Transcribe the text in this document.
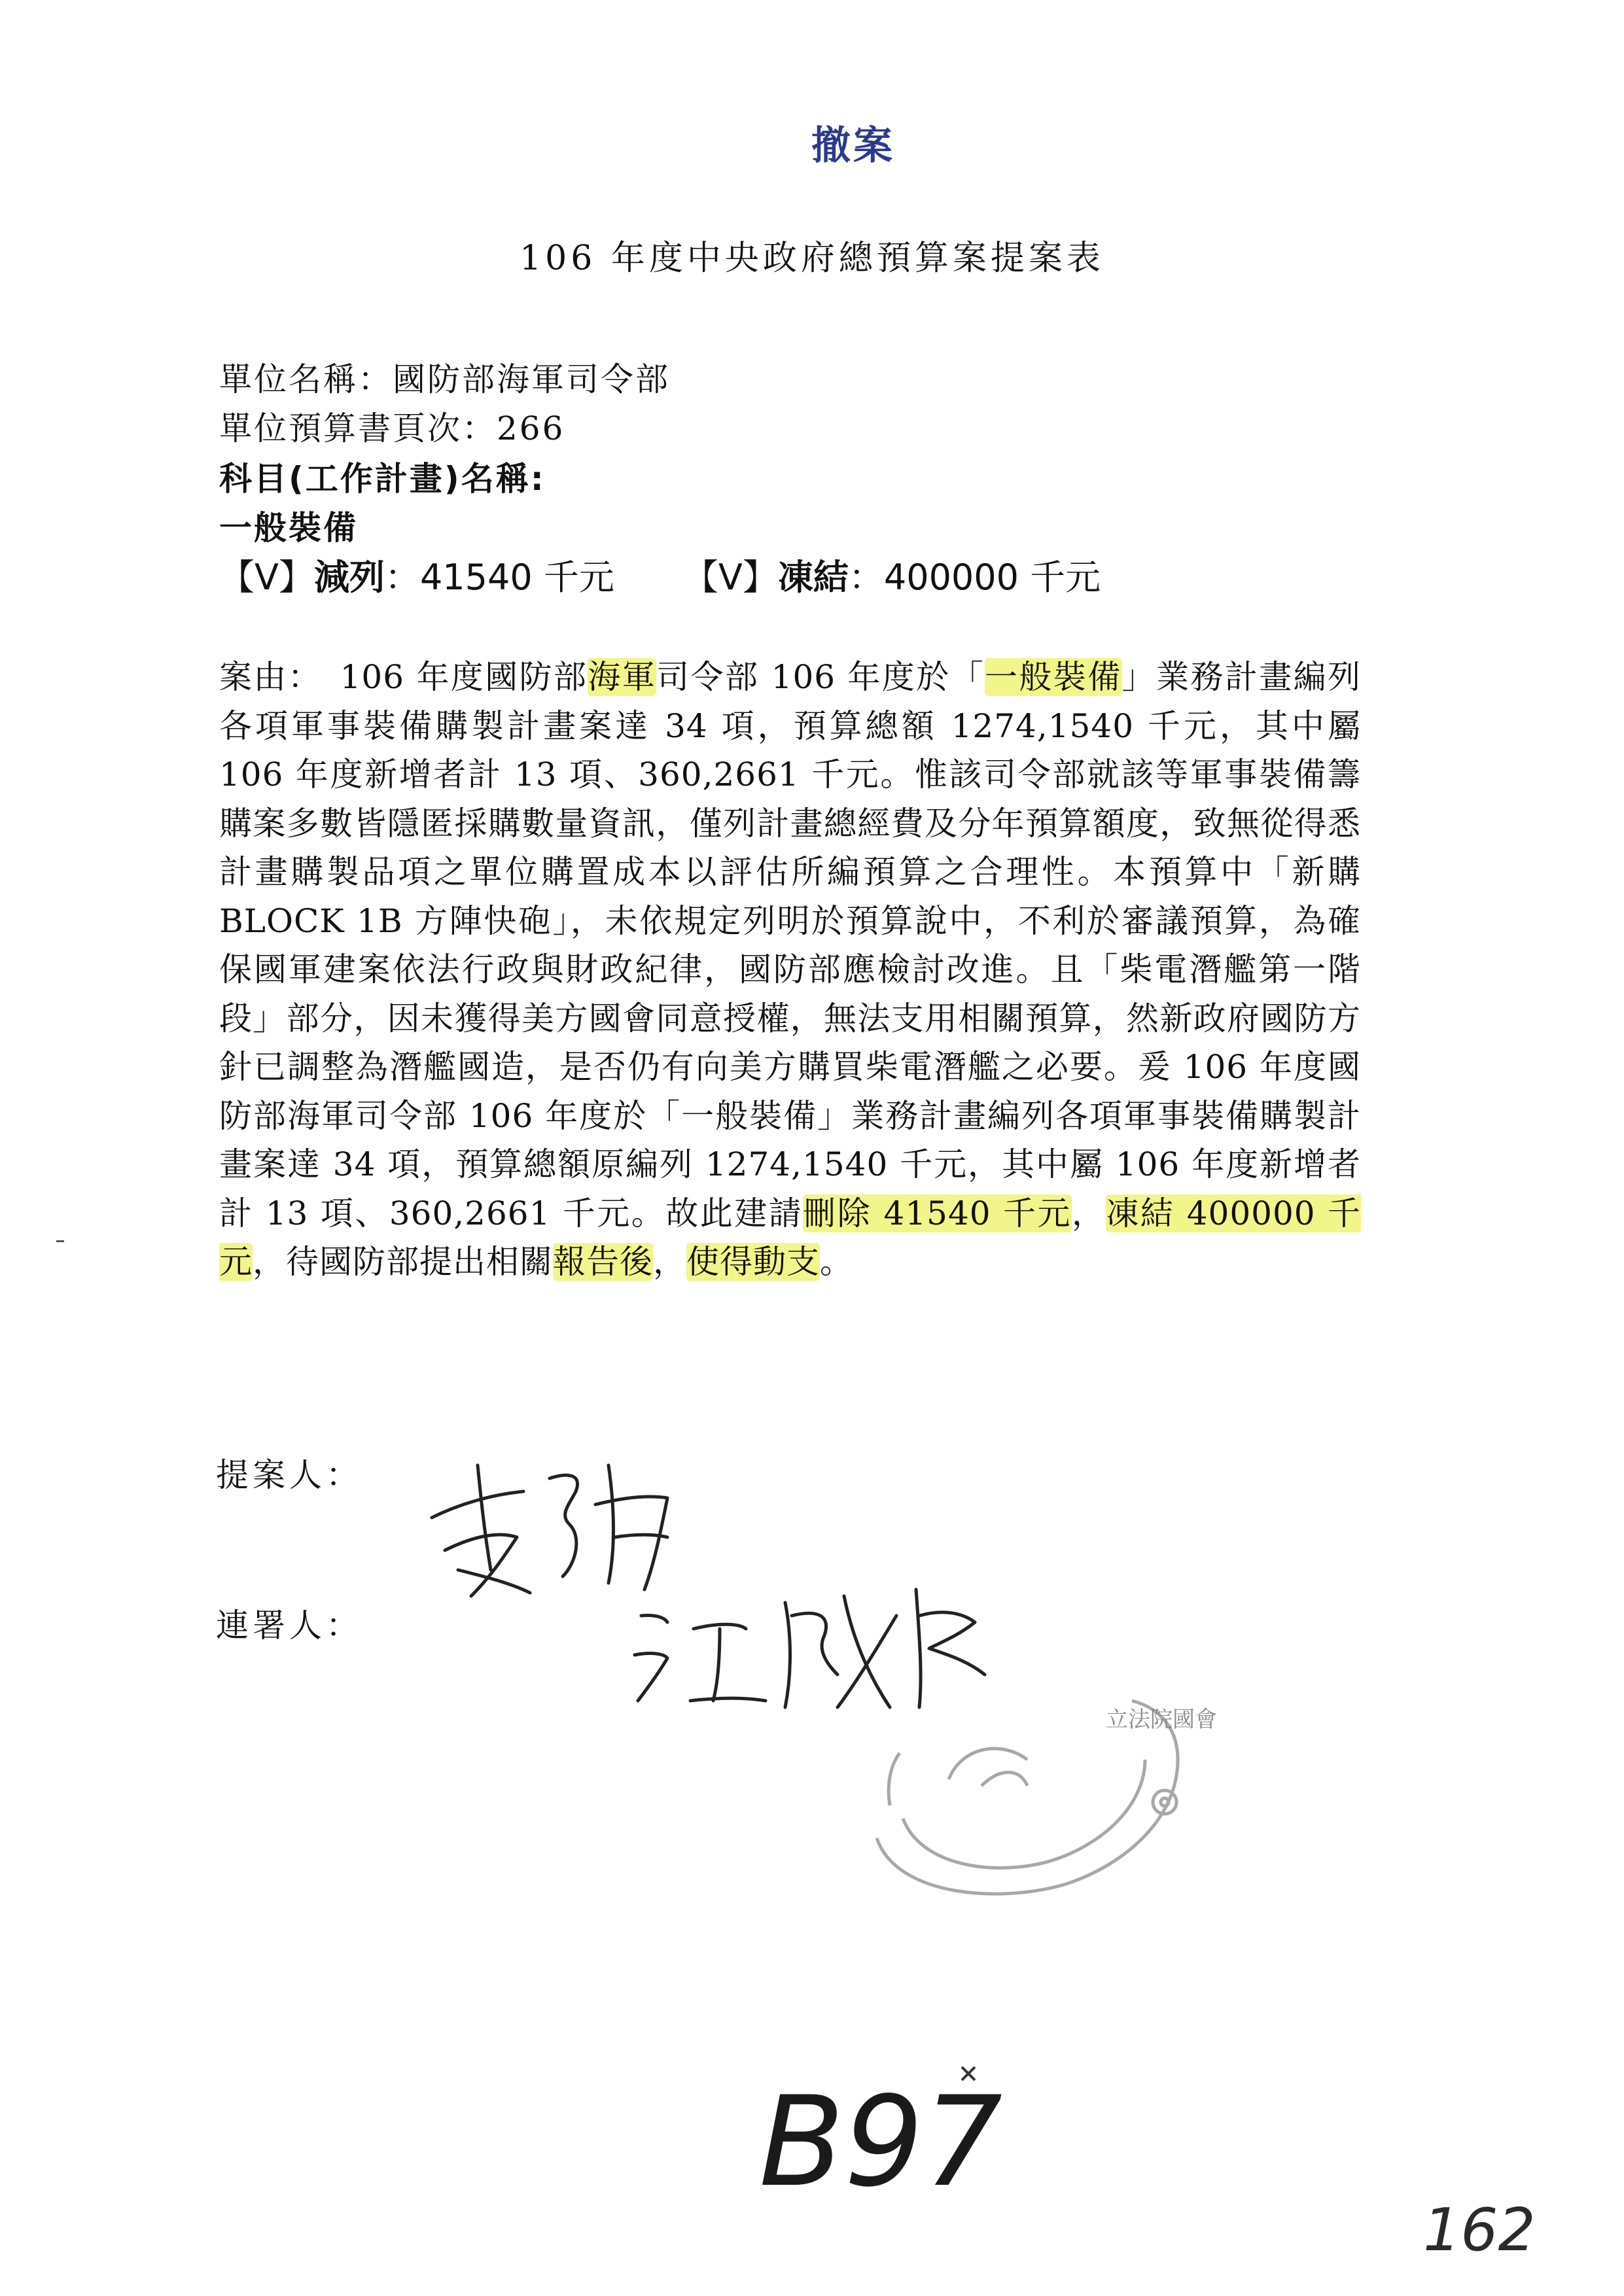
撤案
106 年度中央政府總預算案提案表
單位名稱：國防部海軍司令部
單位預算書頁次：266
科目(工作計畫)名稱:
一般裝備
【V】減列：41540 千元 【V】凍結：400000 千元
案由：　106 年度國防部海軍司令部 106 年度於「一般裝備」業務計畫編列各項軍事裝備購製計畫案達 34 項，預算總額 1274,1540 千元，其中屬 106 年度新增者計 13 項、360,2661 千元。惟該司令部就該等軍事裝備籌購案多數皆隱匿採購數量資訊，僅列計畫總經費及分年預算額度，致無從得悉計畫購製品項之單位購置成本以評估所編預算之合理性。本預算中「新購 BLOCK 1B 方陣快砲」，未依規定列明於預算說中，不利於審議預算，為確保國軍建案依法行政與財政紀律，國防部應檢討改進。且「柴電潛艦第一階段」部分，因未獲得美方國會同意授權，無法支用相關預算，然新政府國防方針已調整為潛艦國造，是否仍有向美方購買柴電潛艦之必要。爰 106 年度國防部海軍司令部 106 年度於「一般裝備」業務計畫編列各項軍事裝備購製計畫案達 34 項，預算總額原編列 1274,1540 千元，其中屬 106 年度新增者計 13 項、360,2661 千元。故此建請刪除 41540 千元，凍結 400000 千元，待國防部提出相關報告後，使得動支。
提案人：
連署人：
立法院國會
B97
162
